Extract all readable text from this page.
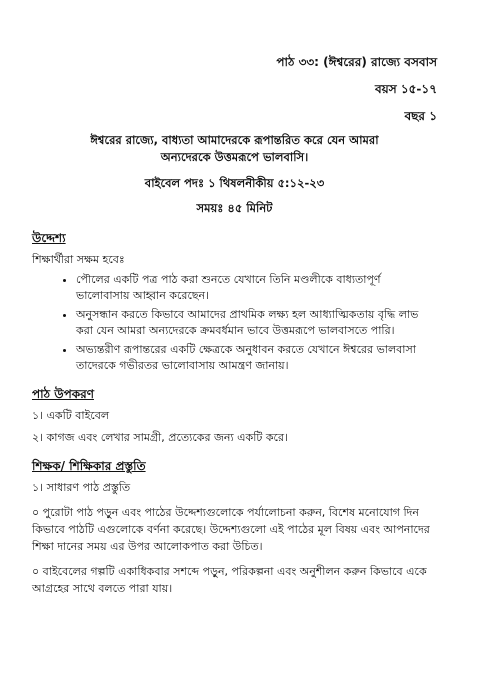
পাঠ ৩৩: (ঈশ্বরের) রাজ্যে বসবাস
বয়স ১৫-১৭
বছর ১
ঈশ্বরের রাজ্যে, বাধ্যতা আমাদেরকে রূপান্তরিত করে যেন আমরা
অন্যদেরকে উত্তমরূপে ভালবাসি।
বাইবেল পদঃ ১ থিষলনীকীয় ৫:১২-২৩
সময়ঃ ৪৫ মিনিট
উদ্দেশ্য
শিক্ষার্থীরা সক্ষম হবেঃ
• পৌলের একটি পত্র পাঠ করা শুনতে যেখানে তিনি মণ্ডলীকে বাধ্যতাপূর্ণ ভালোবাসায় আহ্বান করেছেন।
• অনুসন্ধান করতে কিভাবে আমাদের প্রাথমিক লক্ষ্য হল আধ্যাত্মিকতায় বৃদ্ধি লাভ করা যেন আমরা অন্যদেরকে ক্রমবর্ধমান ভাবে উত্তমরূপে ভালবাসতে পারি।
• অভ্যন্তরীণ রূপান্তরের একটি ক্ষেত্রকে অনুধাবন করতে যেখানে ঈশ্বরের ভালবাসা তাদেরকে গভীরতর ভালোবাসায় আমন্ত্রণ জানায়।
পাঠ উপকরণ
১। একটি বাইবেল
২। কাগজ এবং লেখার সামগ্রী, প্রত্যেকের জন্য একটি করে।
শিক্ষক/ শিক্ষিকার প্রস্তুতি
১। সাধারণ পাঠ প্রস্তুতি
০ পুরোটা পাঠ পড়ুন এবং পাঠের উদ্দেশ্যগুলোকে পর্যালোচনা করুন, বিশেষ মনোযোগ দিন কিভাবে পাঠটি এগুলোকে বর্ণনা করেছে। উদ্দেশ্যগুলো এই পাঠের মূল বিষয় এবং আপনাদের শিক্ষা দানের সময় এর উপর আলোকপাত করা উচিত।
০ বাইবেলের গল্পটি একাধিকবার সশব্দে পড়ুন, পরিকল্পনা এবং অনুশীলন করুন কিভাবে একে আগ্রহের সাথে বলতে পারা যায়।
